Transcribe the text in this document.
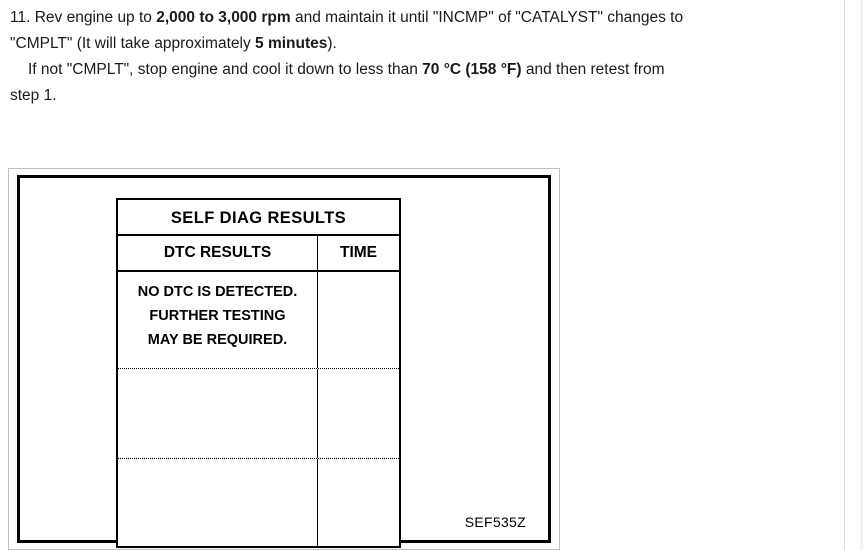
11. Rev engine up to 2,000 to 3,000 rpm and maintain it until "INCMP" of "CATALYST" changes to

"CMPLT" (It will take approximately 5 minutes).

If not "CMPLT", stop engine and cool it down to less than 70 °C (158 °F) and then retest from

step 1.

SELF DIAG RESULTS
DTC RESULTS	TIME
NO DTC IS DETECTED.
FURTHER TESTING
MAY BE REQUIRED.
SEF535Z
